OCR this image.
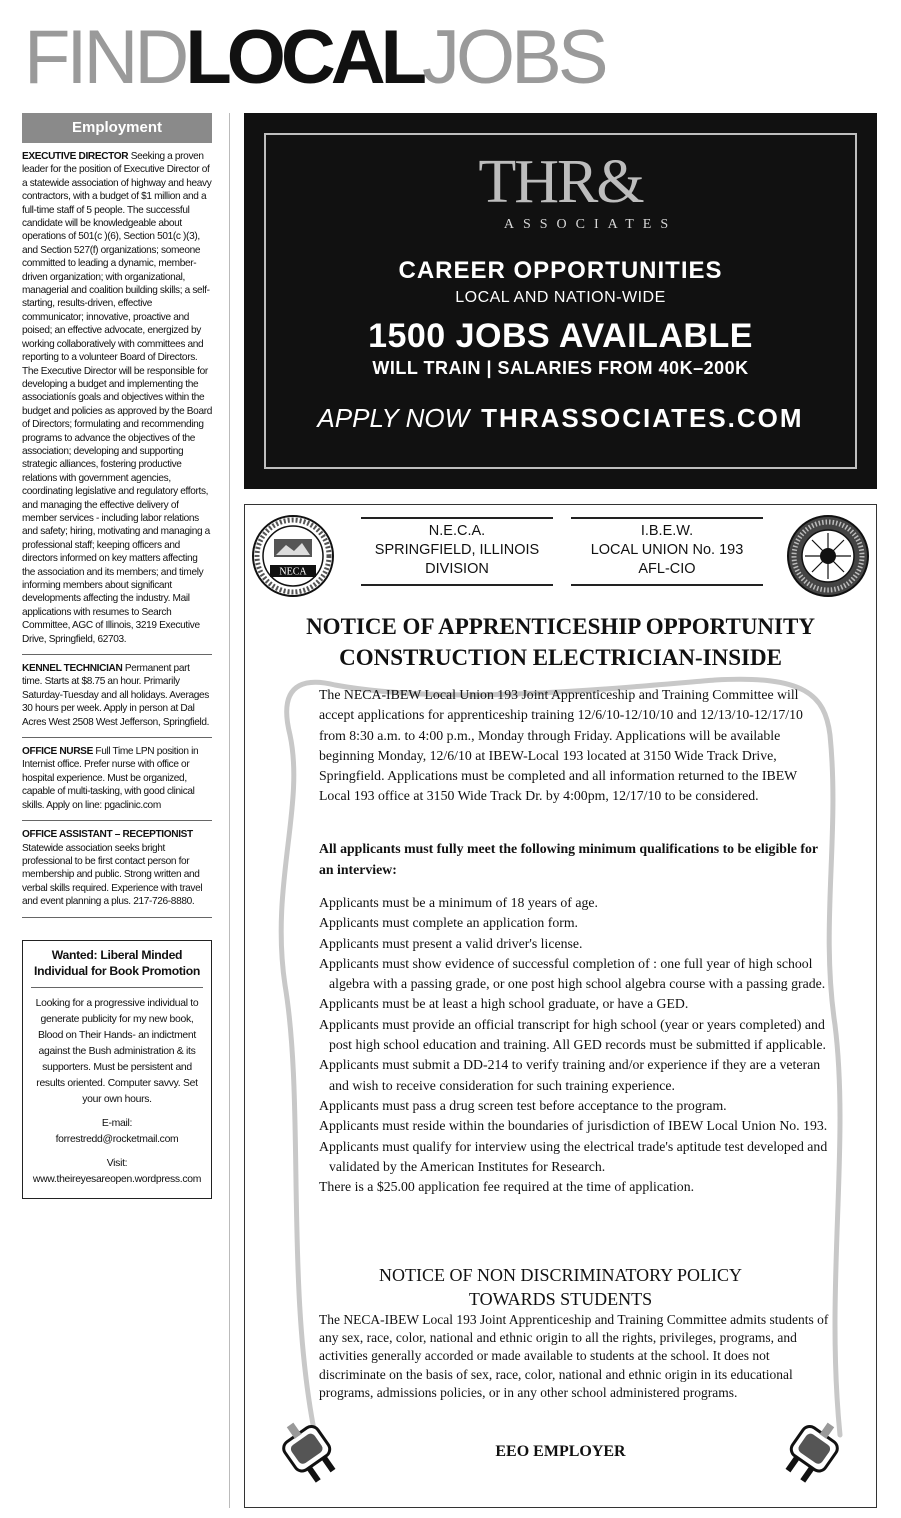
FINDLOCALJOBS
Employment
EXECUTIVE DIRECTOR Seeking a proven leader for the position of Executive Director of a statewide association of highway and heavy contractors, with a budget of $1 million and a full-time staff of 5 people. The successful candidate will be knowledgeable about operations of 501(c )(6), Section 501(c )(3), and Section 527(f) organizations; someone committed to leading a dynamic, member-driven organization; with organizational, managerial and coalition building skills; a self-starting, results-driven, effective communicator; innovative, proactive and poised; an effective advocate, energized by working collaboratively with committees and reporting to a volunteer Board of Directors. The Executive Director will be responsible for developing a budget and implementing the associationís goals and objectives within the budget and policies as approved by the Board of Directors; formulating and recommending programs to advance the objectives of the association; developing and supporting strategic alliances, fostering productive relations with government agencies, coordinating legislative and regulatory efforts, and managing the effective delivery of member services - including labor relations and safety; hiring, motivating and managing a professional staff; keeping officers and directors informed on key matters affecting the association and its members; and timely informing members about significant developments affecting the industry. Mail applications with resumes to Search Committee, AGC of Illinois, 3219 Executive Drive, Springfield, 62703.
KENNEL TECHNICIAN Permanent part time. Starts at $8.75 an hour. Primarily Saturday-Tuesday and all holidays. Averages 30 hours per week. Apply in person at Dal Acres West 2508 West Jefferson, Springfield.
OFFICE NURSE Full Time LPN position in Internist office. Prefer nurse with office or hospital experience. Must be organized, capable of multi-tasking, with good clinical skills. Apply on line: pgaclinic.com
OFFICE ASSISTANT – RECEPTIONIST Statewide association seeks bright professional to be first contact person for membership and public. Strong written and verbal skills required. Experience with travel and event planning a plus. 217-726-8880.
Wanted: Liberal Minded Individual for Book Promotion

Looking for a progressive individual to generate publicity for my new book, Blood on Their Hands- an indictment against the Bush administration & its supporters. Must be persistent and results oriented. Computer savvy. Set your own hours.

E-mail:

forrestredd@rocketmail.com

Visit:

www.theireyesareopen.wordpress.com

THR&
ASSOCIATES
CAREER OPPORTUNITIES
LOCAL AND NATION-WIDE
1500 JOBS AVAILABLE
WILL TRAIN | SALARIES FROM 40K–200K
APPLY NOW THRASSOCIATES.COM
NECA
N.E.C.A.
SPRINGFIELD, ILLINOIS
DIVISION
I.B.E.W.
LOCAL UNION No. 193
AFL-CIO
NOTICE OF APPRENTICESHIP OPPORTUNITY
CONSTRUCTION ELECTRICIAN-INSIDE
The NECA-IBEW Local Union 193 Joint Apprenticeship and Training Committee will accept applications for apprenticeship training 12/6/10-12/10/10 and 12/13/10-12/17/10 from 8:30 a.m. to 4:00 p.m., Monday through Friday. Applications will be available beginning Monday, 12/6/10 at IBEW-Local 193 located at 3150 Wide Track Drive, Springfield. Applications must be completed and all information returned to the IBEW Local 193 office at 3150 Wide Track Dr. by 4:00pm, 12/17/10 to be considered.
All applicants must fully meet the following minimum qualifications to be eligible for an interview:

Applicants must be a minimum of 18 years of age.

Applicants must complete an application form.

Applicants must present a valid driver's license.

Applicants must show evidence of successful completion of : one full year of high school algebra with a passing grade, or one post high school algebra course with a passing grade.

Applicants must be at least a high school graduate, or have a GED.

Applicants must provide an official transcript for high school (year or years completed) and post high school education and training. All GED records must be submitted if applicable.

Applicants must submit a DD-214 to verify training and/or experience if they are a veteran and wish to receive consideration for such training experience.

Applicants must pass a drug screen test before acceptance to the program.

Applicants must reside within the boundaries of jurisdiction of IBEW Local Union No. 193.

Applicants must qualify for interview using the electrical trade's aptitude test developed and validated by the American Institutes for Research.

There is a $25.00 application fee required at the time of application.

NOTICE OF NON DISCRIMINATORY POLICY
TOWARDS STUDENTS
The NECA-IBEW Local 193 Joint Apprenticeship and Training Committee admits students of any sex, race, color, national and ethnic origin to all the rights, privileges, programs, and activities generally accorded or made available to students at the school. It does not discriminate on the basis of sex, race, color, national and ethnic origin in its educational programs, admissions policies, or in any other school administered programs.
EEO EMPLOYER
